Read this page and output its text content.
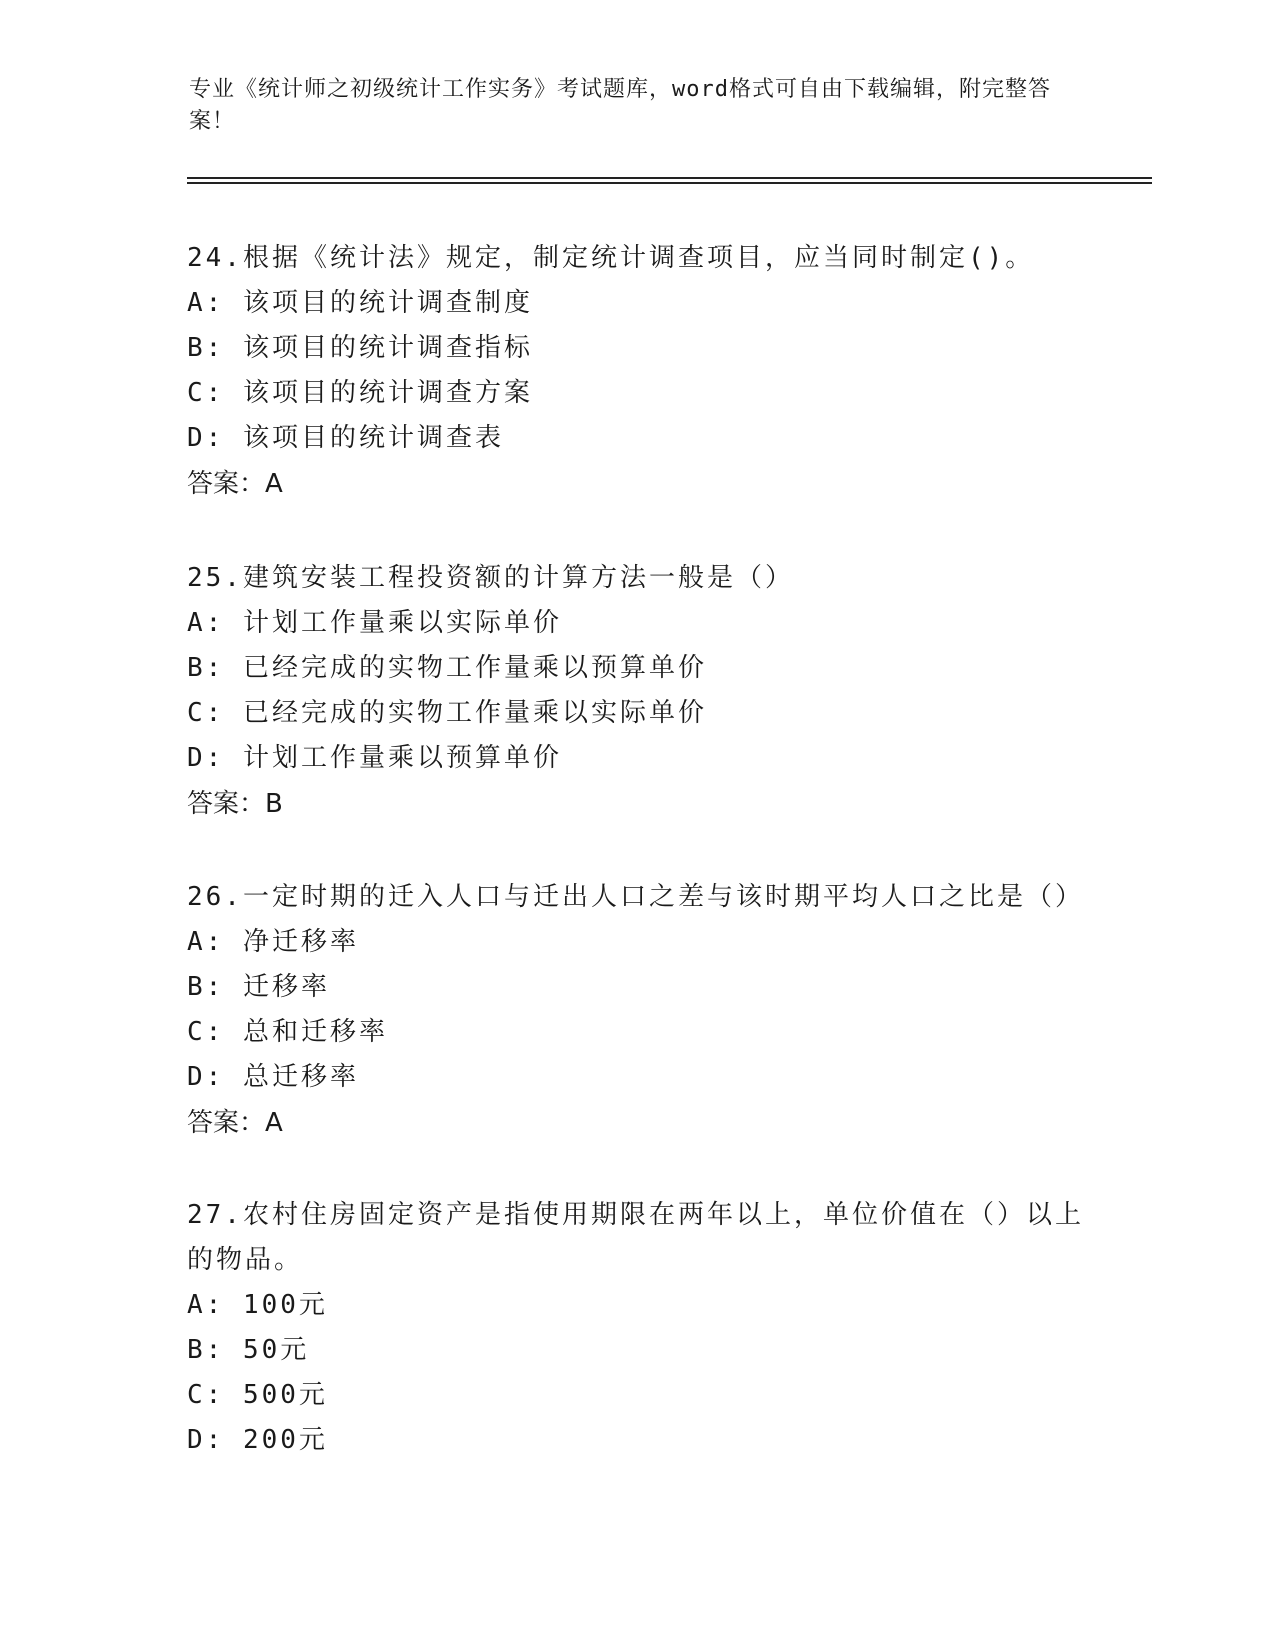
专业《统计师之初级统计工作实务》考试题库，word格式可自由下载编辑，附完整答案！

24.根据《统计法》规定，制定统计调查项目，应当同时制定()。

A: 该项目的统计调查制度

B: 该项目的统计调查指标

C: 该项目的统计调查方案

D: 该项目的统计调查表

答案：A

25.建筑安装工程投资额的计算方法一般是（）

A: 计划工作量乘以实际单价

B: 已经完成的实物工作量乘以预算单价

C: 已经完成的实物工作量乘以实际单价

D: 计划工作量乘以预算单价

答案：B

26.一定时期的迁入人口与迁出人口之差与该时期平均人口之比是（）

A: 净迁移率

B: 迁移率

C: 总和迁移率

D: 总迁移率

答案：A

27.农村住房固定资产是指使用期限在两年以上，单位价值在（）以上的物品。

A: 100元

B: 50元

C: 500元

D: 200元
